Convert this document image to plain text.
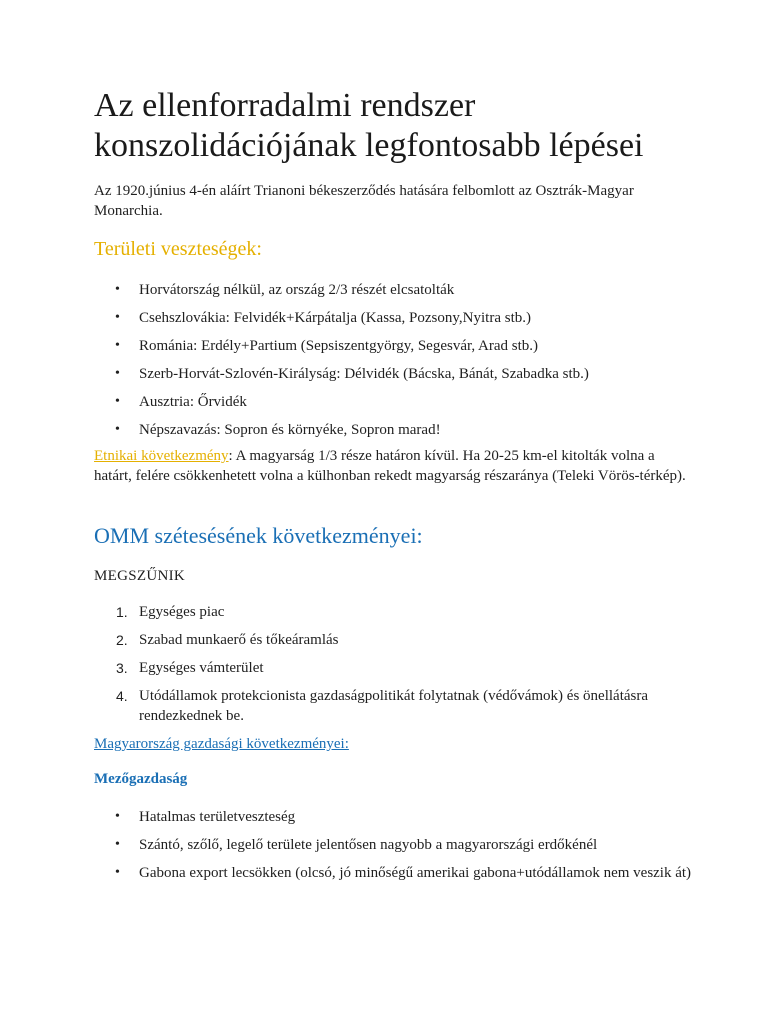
Az ellenforradalmi rendszer konszolidációjának legfontosabb lépései

Az 1920.június 4-én aláírt Trianoni békeszerződés hatására felbomlott az Osztrák-Magyar Monarchia.

Területi veszteségek:
• Horvátország nélkül, az ország 2/3 részét elcsatolták
• Csehszlovákia: Felvidék+Kárpátalja (Kassa, Pozsony,Nyitra stb.)
• Románia: Erdély+Partium (Sepsiszentgyörgy, Segesvár, Arad stb.)
• Szerb-Horvát-Szlovén-Királyság: Délvidék (Bácska, Bánát, Szabadka stb.)
• Ausztria: Őrvidék
• Népszavazás: Sopron és környéke, Sopron marad!

Etnikai következmény: A magyarság 1/3 része határon kívül. Ha 20-25 km-el kitolták volna a határt, felére csökkenhetett volna a külhonban rekedt magyarság részaránya (Teleki Vörös-térkép).

OMM szétesésének következményei:

MEGSZŰNIK

1. Egységes piac
2. Szabad munkaerő és tőkeáramlás
3. Egységes vámterület
4. Utódállamok protekcionista gazdaságpolitikát folytatnak (védővámok) és önellátásra rendezkednek be.

Magyarország gazdasági következményei:

Mezőgazdaság
• Hatalmas területveszteség
• Szántó, szőlő, legelő területe jelentősen nagyobb a magyarországi erdőkénél
• Gabona export lecsökken (olcsó, jó minőségű amerikai gabona+utódállamok nem veszik át)
